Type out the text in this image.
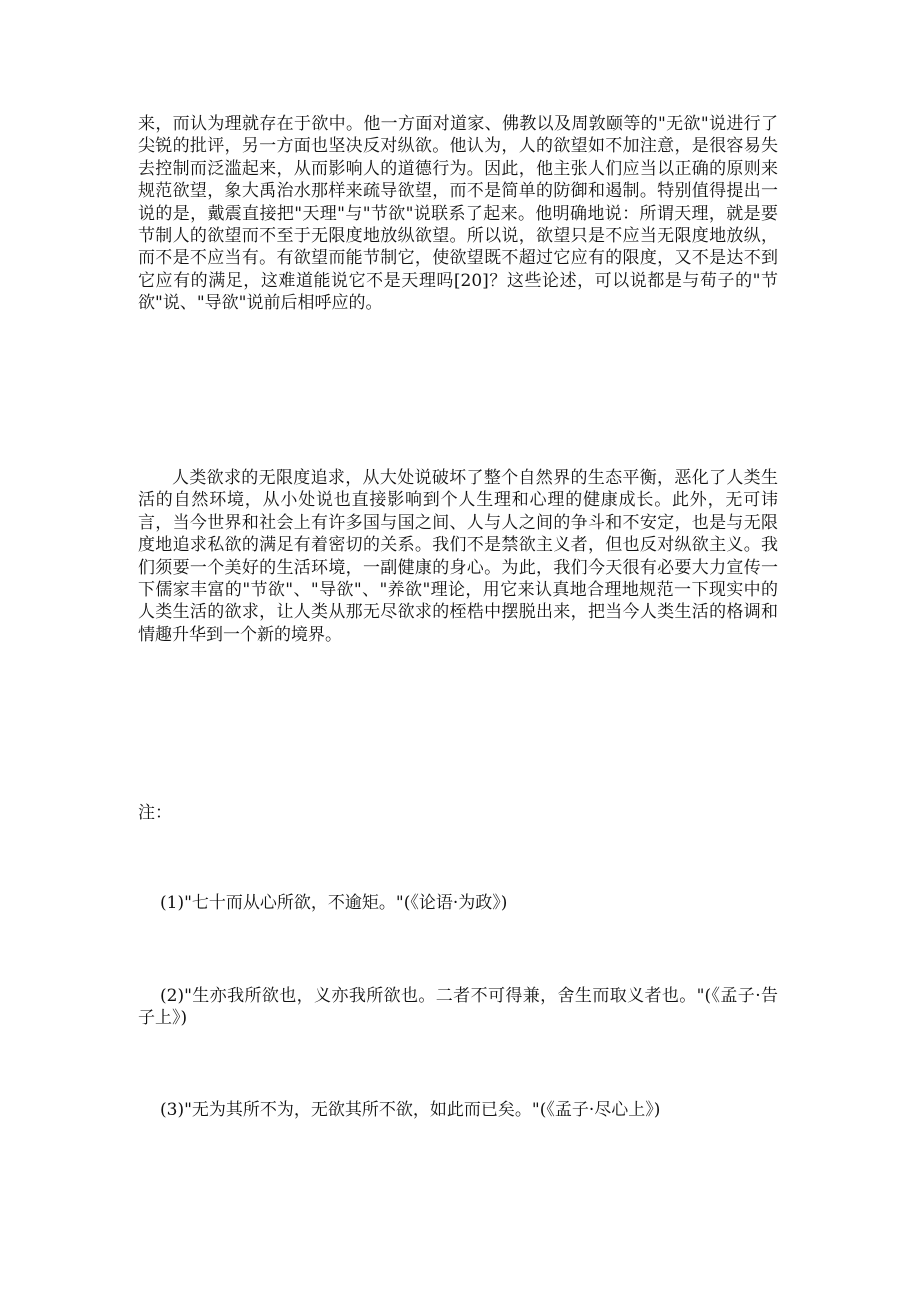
来，而认为理就存在于欲中。他一方面对道家、佛教以及周敦颐等的"无欲"说进行了尖锐的批评，另一方面也坚决反对纵欲。他认为，人的欲望如不加注意，是很容易失去控制而泛滥起来，从而影响人的道德行为。因此，他主张人们应当以正确的原则来规范欲望，象大禹治水那样来疏导欲望，而不是简单的防御和遏制。特别值得提出一说的是，戴震直接把"天理"与"节欲"说联系了起来。他明确地说：所谓天理，就是要节制人的欲望而不至于无限度地放纵欲望。所以说，欲望只是不应当无限度地放纵，而不是不应当有。有欲望而能节制它，使欲望既不超过它应有的限度，又不是达不到它应有的满足，这难道能说它不是天理吗[20]？这些论述，可以说都是与荀子的"节欲"说、"导欲"说前后相呼应的。

人类欲求的无限度追求，从大处说破坏了整个自然界的生态平衡，恶化了人类生活的自然环境，从小处说也直接影响到个人生理和心理的健康成长。此外，无可讳言，当今世界和社会上有许多国与国之间、人与人之间的争斗和不安定，也是与无限度地追求私欲的满足有着密切的关系。我们不是禁欲主义者，但也反对纵欲主义。我们须要一个美好的生活环境，一副健康的身心。为此，我们今天很有必要大力宣传一下儒家丰富的"节欲"、"导欲"、"养欲"理论，用它来认真地合理地规范一下现实中的人类生活的欲求，让人类从那无尽欲求的桎梏中摆脱出来，把当今人类生活的格调和情趣升华到一个新的境界。

注：

(1)"七十而从心所欲，不逾矩。"(《论语·为政》)

(2)"生亦我所欲也，义亦我所欲也。二者不可得兼，舍生而取义者也。"(《孟子·告子上》)

(3)"无为其所不为，无欲其所不欲，如此而已矣。"(《孟子·尽心上》)
